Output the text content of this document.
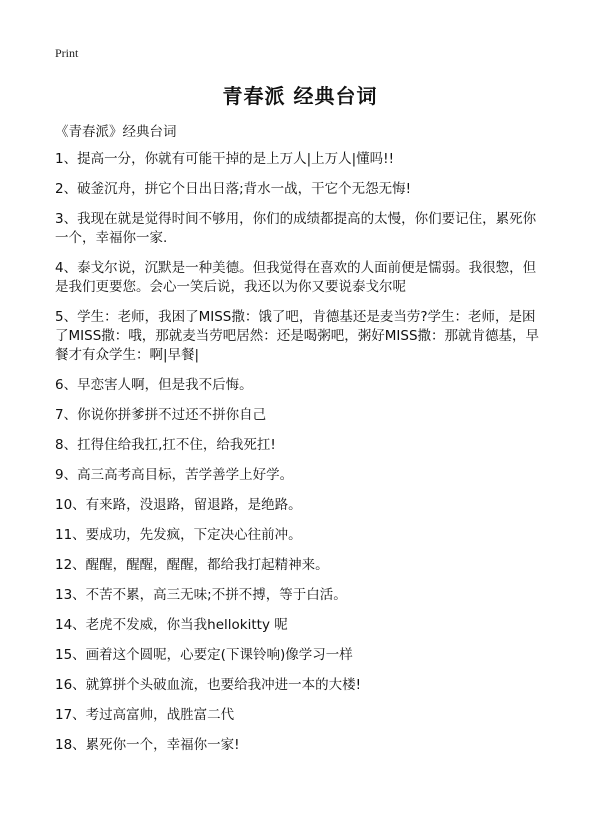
Print
青春派 经典台词
《青春派》经典台词
1、提高一分，你就有可能干掉的是上万人|上万人|懂吗!!
2、破釜沉舟，拼它个日出日落;背水一战，干它个无怨无悔!
3、我现在就是觉得时间不够用，你们的成绩都提高的太慢，你们要记住，累死你一个，幸福你一家.
4、泰戈尔说，沉默是一种美德。但我觉得在喜欢的人面前便是懦弱。我很惣，但是我们更要您。会心一笑后说，我还以为你又要说泰戈尔呢
5、学生：老师，我困了MISS撒：饿了吧，肯德基还是麦当劳?学生：老师，是困了MISS撒：哦，那就麦当劳吧居然：还是喝粥吧，粥好MISS撒：那就肯德基，早餐才有众学生：啊|早餐|
6、早恋害人啊，但是我不后悔。
7、你说你拼爹拼不过还不拼你自己
8、扛得住给我扛,扛不住，给我死扛!
9、高三高考高目标，苦学善学上好学。
10、有来路，没退路，留退路，是绝路。
11、要成功，先发疯，下定决心往前冲。
12、醒醒，醒醒，醒醒，都给我打起精神来。
13、不苦不累，高三无味;不拼不搏，等于白活。
14、老虎不发威，你当我hellokitty 呢
15、画着这个圆呢，心要定(下课铃响)像学习一样
16、就算拼个头破血流，也要给我冲进一本的大楼!
17、考过高富帅，战胜富二代
18、累死你一个，幸福你一家!
